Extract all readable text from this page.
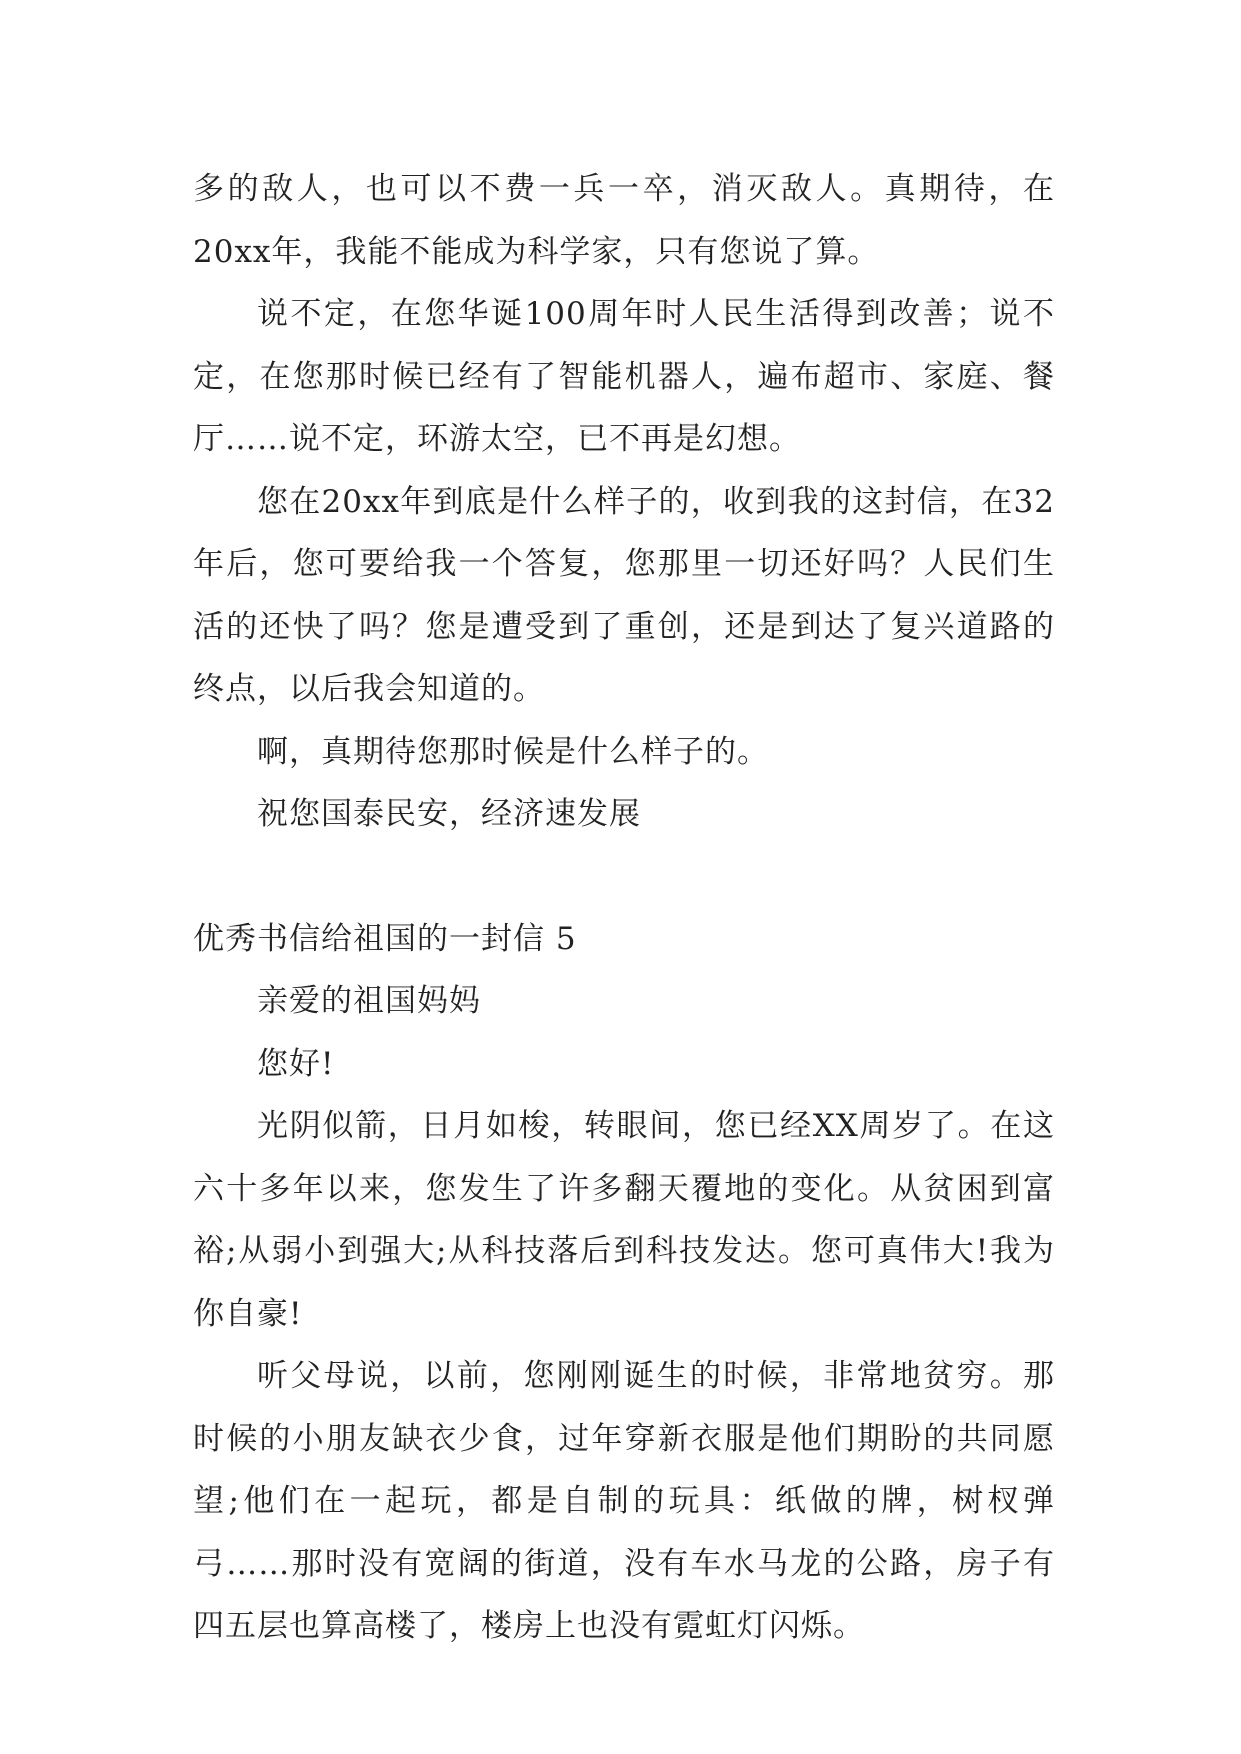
多的敌人，也可以不费一兵一卒，消灭敌人。真期待，在20xx年，我能不能成为科学家，只有您说了算。

说不定，在您华诞100周年时人民生活得到改善；说不定，在您那时候已经有了智能机器人，遍布超市、家庭、餐厅……说不定，环游太空，已不再是幻想。

您在20xx年到底是什么样子的，收到我的这封信，在32年后，您可要给我一个答复，您那里一切还好吗？人民们生活的还快了吗？您是遭受到了重创，还是到达了复兴道路的终点，以后我会知道的。

啊，真期待您那时候是什么样子的。

祝您国泰民安，经济速发展

优秀书信给祖国的一封信 5

亲爱的祖国妈妈

您好!

光阴似箭，日月如梭，转眼间，您已经XX周岁了。在这六十多年以来，您发生了许多翻天覆地的变化。从贫困到富裕;从弱小到强大;从科技落后到科技发达。您可真伟大!我为你自豪!

听父母说，以前，您刚刚诞生的时候，非常地贫穷。那时候的小朋友缺衣少食，过年穿新衣服是他们期盼的共同愿望;他们在一起玩，都是自制的玩具：纸做的牌，树杈弹弓……那时没有宽阔的街道，没有车水马龙的公路，房子有四五层也算高楼了，楼房上也没有霓虹灯闪烁。
